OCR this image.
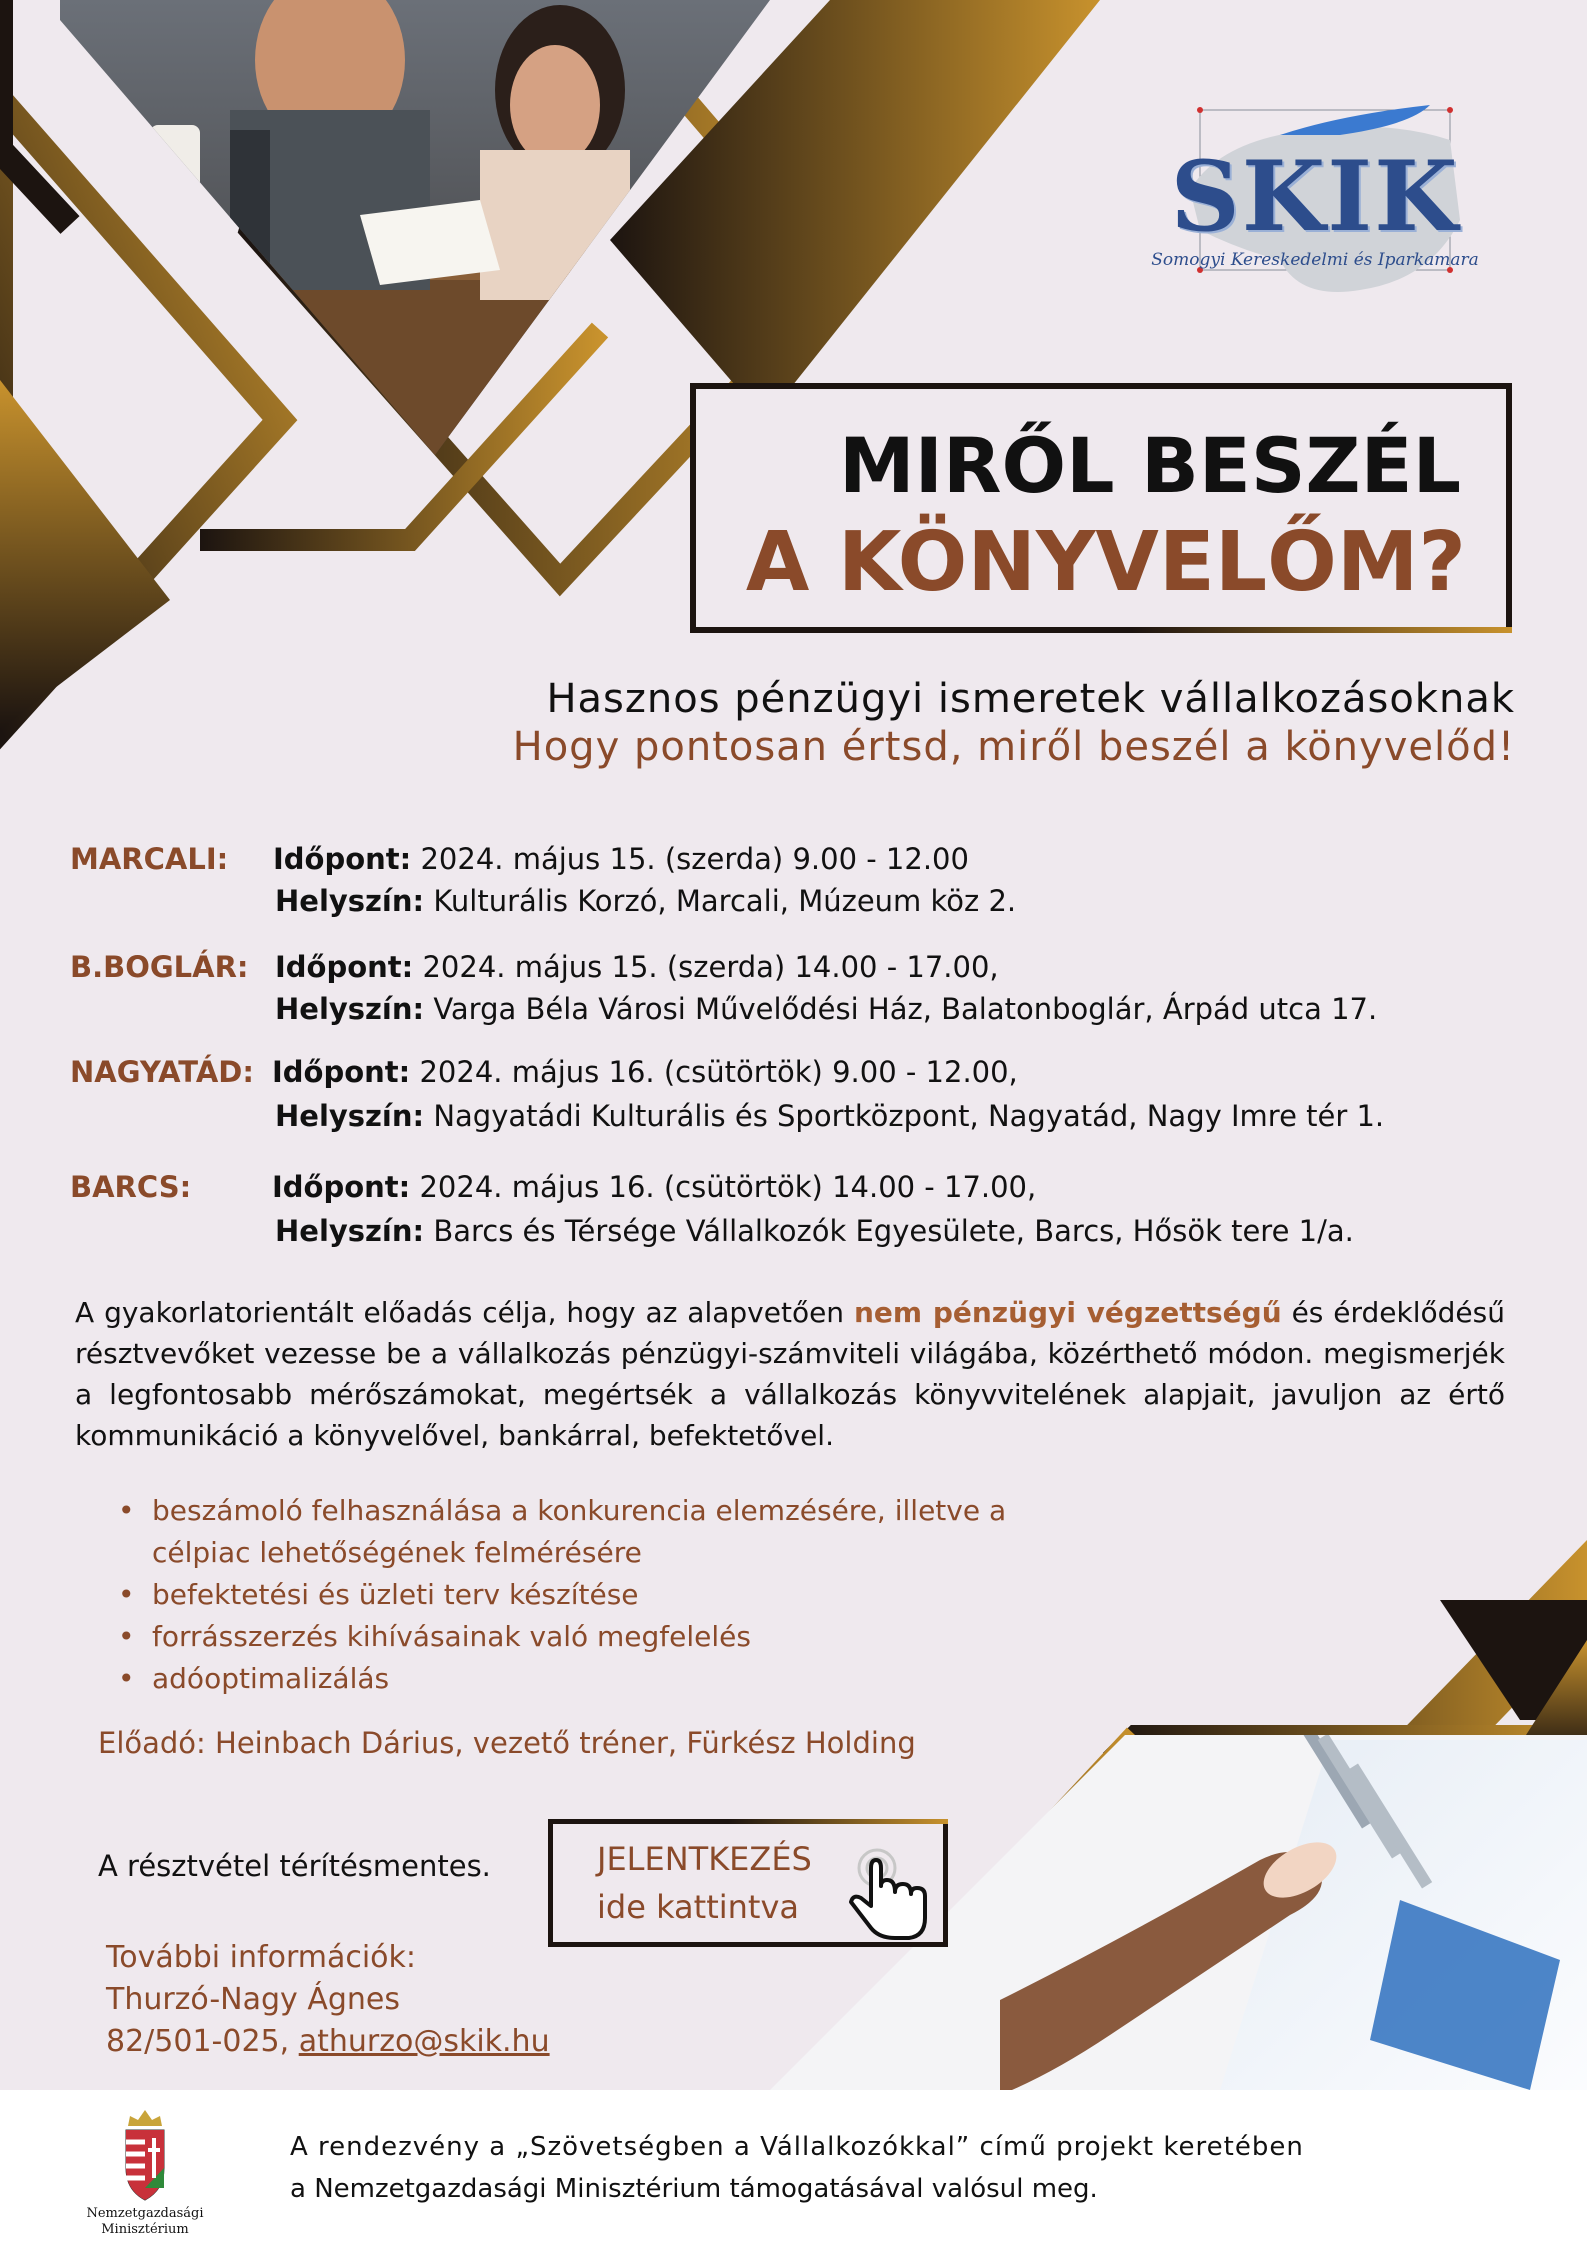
SKIK
Somogyi Kereskedelmi és Iparkamara
MIRŐL BESZÉL
A KÖNYVELŐM?
Hasznos pénzügyi ismeretek vállalkozásoknak
Hogy pontosan értsd, miről beszél a könyvelőd!
MARCALI: Időpont: 2024. május 15. (szerda) 9.00 - 12.00
Helyszín: Kulturális Korzó, Marcali, Múzeum köz 2.
B.BOGLÁR: Időpont: 2024. május 15. (szerda) 14.00 - 17.00,
Helyszín: Varga Béla Városi Művelődési Ház, Balatonboglár, Árpád utca 17.
NAGYATÁD: Időpont: 2024. május 16. (csütörtök) 9.00 - 12.00,
Helyszín: Nagyatádi Kulturális és Sportközpont, Nagyatád, Nagy Imre tér 1.
BARCS:	Időpont: 2024. május 16. (csütörtök) 14.00 - 17.00,
Helyszín: Barcs és Térsége Vállalkozók Egyesülete, Barcs, Hősök tere 1/a.
A gyakorlatorientált előadás célja, hogy az alapvetően nem pénzügyi végzettségű és érdeklődésű résztvevőket vezesse be a vállalkozás pénzügyi-számviteli világába, közérthető módon. megismerjék a legfontosabb mérőszámokat, megértsék a vállalkozás könyvvitelének alapjait, javuljon az értő kommunikáció a könyvelővel, bankárral, befektetővel.
• beszámoló felhasználása a konkurencia elemzésére, illetve a célpiac lehetőségének felmérésére
• befektetési és üzleti terv készítése
• forrásszerzés kihívásainak való megfelelés
• adóoptimalizálás
Előadó: Heinbach Dárius, vezető tréner, Fürkész Holding
A résztvétel térítésmentes.	JELENTKEZÉS
ide kattintva
További információk:
Thurzó-Nagy Ágnes
82/501-025, athurzo@skik.hu
Nemzetgazdasági
Minisztérium
A rendezvény a „Szövetségben a Vállalkozókkal” című projekt keretében
a Nemzetgazdasági Minisztérium támogatásával valósul meg.
